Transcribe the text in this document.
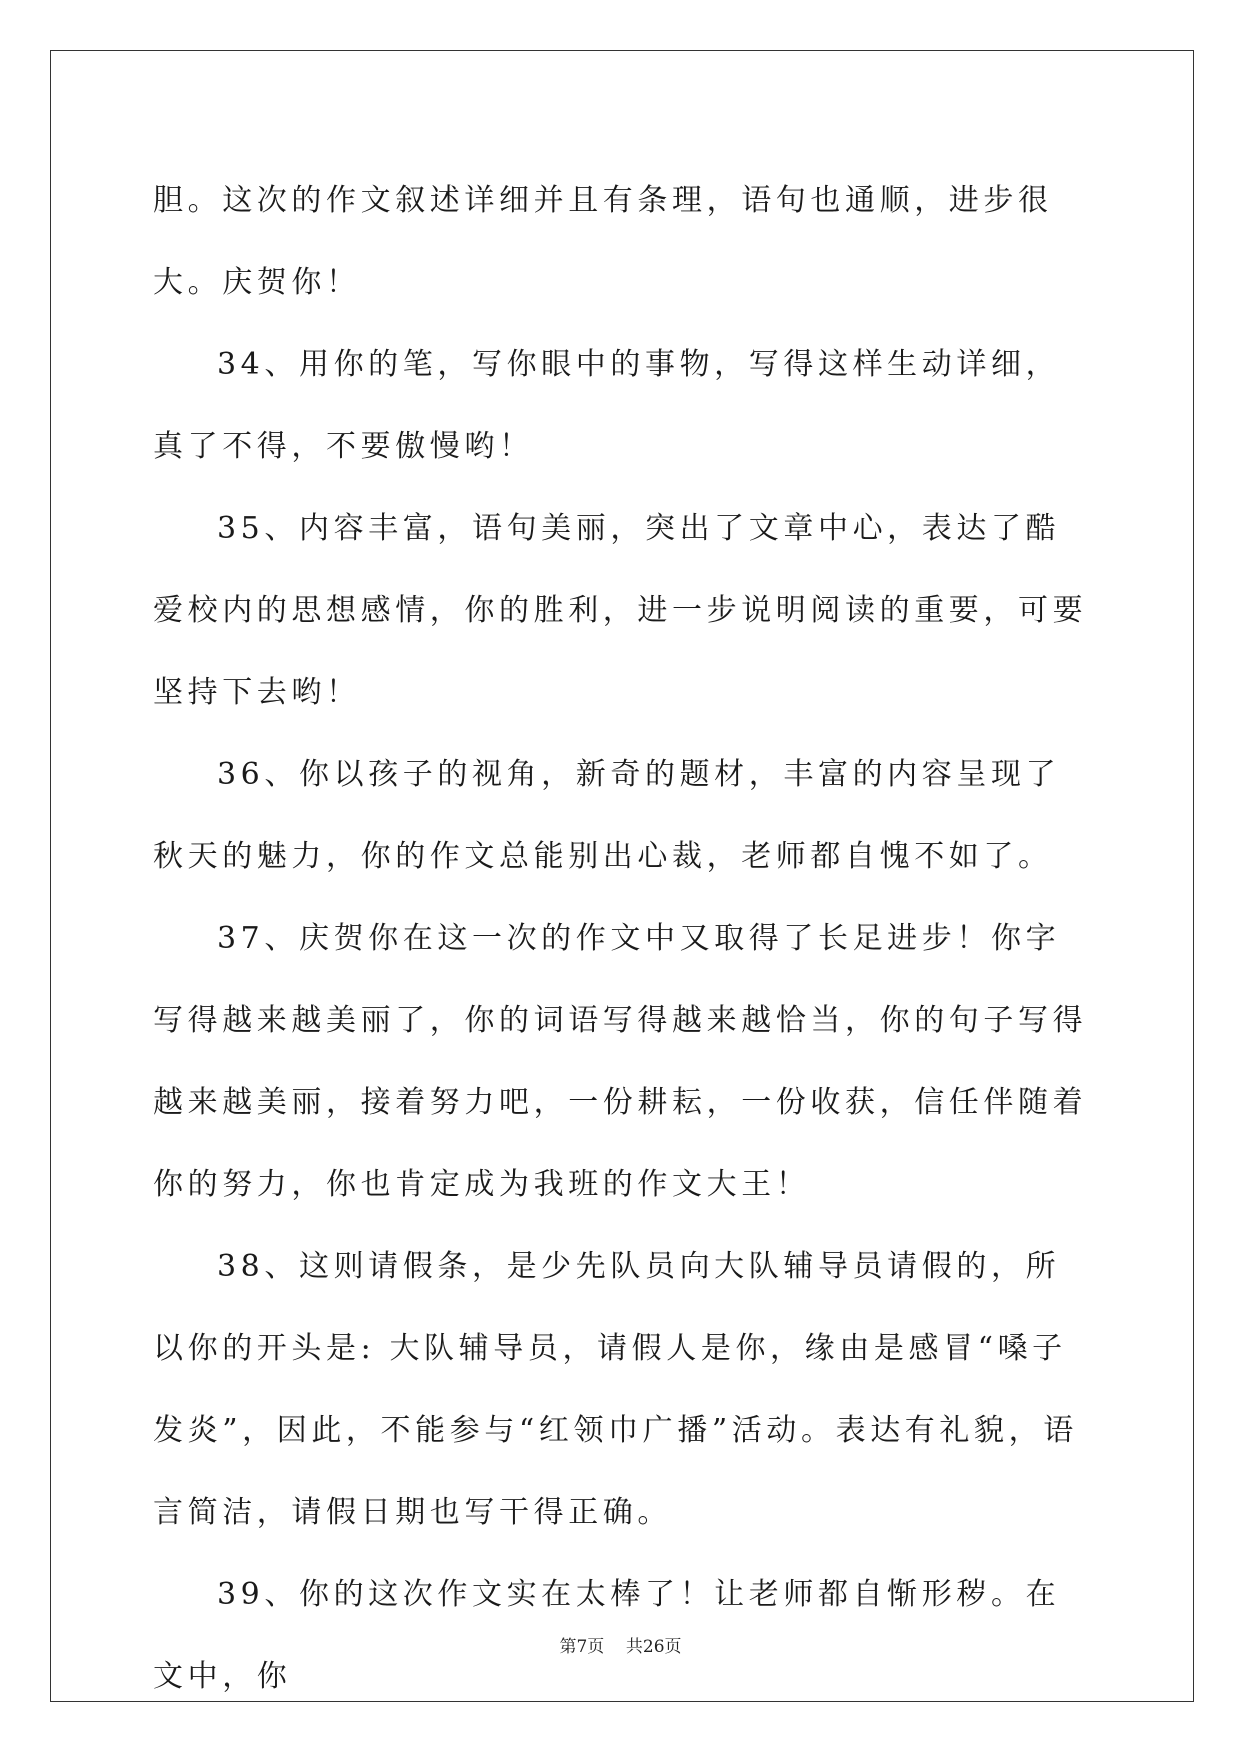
胆。这次的作文叙述详细并且有条理，语句也通顺，进步很大。庆贺你！

34、用你的笔，写你眼中的事物，写得这样生动详细，真了不得，不要傲慢哟！

35、内容丰富，语句美丽，突出了文章中心，表达了酷爱校内的思想感情，你的胜利，进一步说明阅读的重要，可要坚持下去哟！

36、你以孩子的视角，新奇的题材，丰富的内容呈现了秋天的魅力，你的作文总能别出心裁，老师都自愧不如了。

37、庆贺你在这一次的作文中又取得了长足进步！你字写得越来越美丽了，你的词语写得越来越恰当，你的句子写得越来越美丽，接着努力吧，一份耕耘，一份收获，信任伴随着你的努力，你也肯定成为我班的作文大王！

38、这则请假条，是少先队员向大队辅导员请假的，所以你的开头是: 大队辅导员，请假人是你，缘由是感冒“嗓子发炎”，因此，不能参与“红领巾广播”活动。表达有礼貌，语言简洁，请假日期也写干得正确。

39、你的这次作文实在太棒了！让老师都自惭形秽。在文中，你

第7页 共26页
